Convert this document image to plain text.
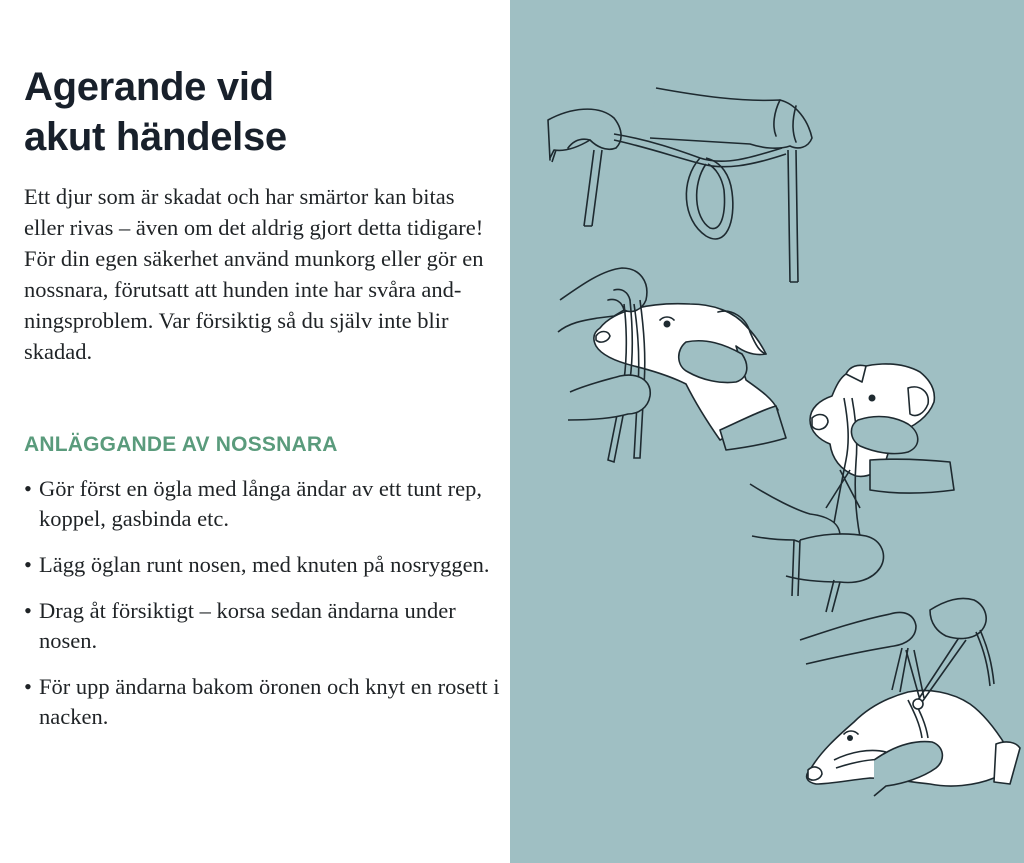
Agerande vid
akut händelse

Ett djur som är skadat och har smärtor kan bitas eller rivas – även om det aldrig gjort detta tidigare! För din egen säkerhet använd munkorg eller gör en nossnara, förutsatt att hunden inte har svåra and-ningsproblem. Var försiktig så du själv inte blir skadad.

ANLÄGGANDE AV NOSSNARA
• Gör först en ögla med långa ändar av ett tunt rep, koppel, gasbinda etc.
• Lägg öglan runt nosen, med knuten på nosryggen.
• Drag åt försiktigt – korsa sedan ändarna under nosen.
• För upp ändarna bakom öronen och knyt en rosett i nacken.
